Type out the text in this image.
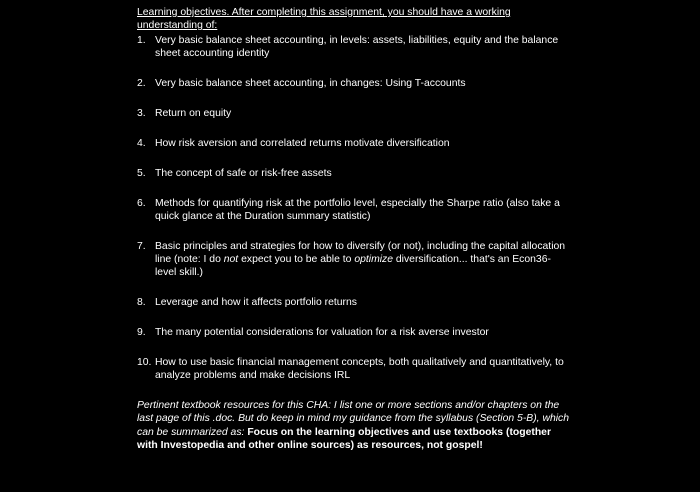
Learning objectives. After completing this assignment, you should have a working understanding of:

1. Very basic balance sheet accounting, in levels: assets, liabilities, equity and the balance sheet accounting identity
2. Very basic balance sheet accounting, in changes: Using T-accounts
3. Return on equity
4. How risk aversion and correlated returns motivate diversification
5. The concept of safe or risk-free assets
6. Methods for quantifying risk at the portfolio level, especially the Sharpe ratio (also take a quick glance at the Duration summary statistic)
7. Basic principles and strategies for how to diversify (or not), including the capital allocation line (note: I do not expect you to be able to optimize diversification... that's an Econ36-level skill.)
8. Leverage and how it affects portfolio returns
9. The many potential considerations for valuation for a risk averse investor
10. How to use basic financial management concepts, both qualitatively and quantitatively, to analyze problems and make decisions IRL

Pertinent textbook resources for this CHA: I list one or more sections and/or chapters on the last page of this .doc. But do keep in mind my guidance from the syllabus (Section 5-B), which can be summarized as: Focus on the learning objectives and use textbooks (together with Investopedia and other online sources) as resources, not gospel!
